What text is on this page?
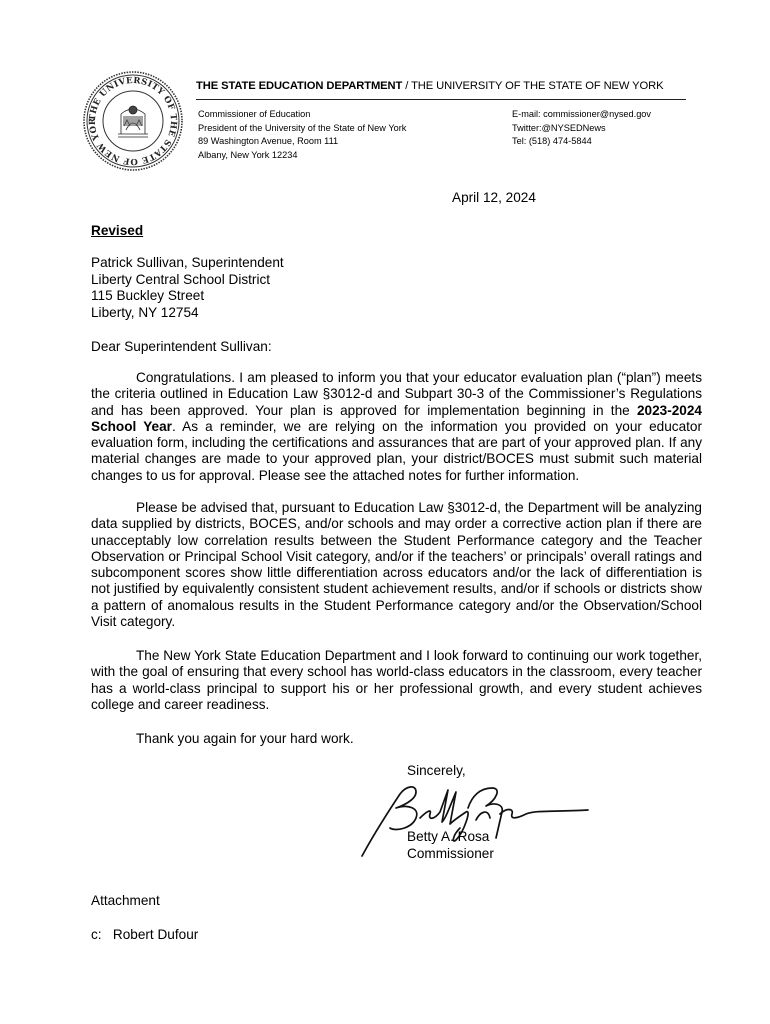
THE UNIVERSITY OF THE STATE OF NEW YOR
THE STATE EDUCATION DEPARTMENT / THE UNIVERSITY OF THE STATE OF NEW YORK
Commissioner of Education
President of the University of the State of New York
89 Washington Avenue, Room 111
Albany, New York 12234
E-mail: commissioner@nysed.gov
Twitter:@NYSEDNews
Tel: (518) 474-5844
April 12, 2024
Revised
Patrick Sullivan, Superintendent
Liberty Central School District
115 Buckley Street
Liberty, NY 12754
Dear Superintendent Sullivan:

Congratulations. I am pleased to inform you that your educator evaluation plan (“plan”) meets the criteria outlined in Education Law §3012-d and Subpart 30-3 of the Commissioner’s Regulations and has been approved. Your plan is approved for implementation beginning in the 2023-2024 School Year. As a reminder, we are relying on the information you provided on your educator evaluation form, including the certifications and assurances that are part of your approved plan. If any material changes are made to your approved plan, your district/BOCES must submit such material changes to us for approval. Please see the attached notes for further information.

Please be advised that, pursuant to Education Law §3012-d, the Department will be analyzing data supplied by districts, BOCES, and/or schools and may order a corrective action plan if there are unacceptably low correlation results between the Student Performance category and the Teacher Observation or Principal School Visit category, and/or if the teachers’ or principals’ overall ratings and subcomponent scores show little differentiation across educators and/or the lack of differentiation is not justified by equivalently consistent student achievement results, and/or if schools or districts show a pattern of anomalous results in the Student Performance category and/or the Observation/School Visit category.

The New York State Education Department and I look forward to continuing our work together, with the goal of ensuring that every school has world-class educators in the classroom, every teacher has a world-class principal to support his or her professional growth, and every student achieves college and career readiness.

Thank you again for your hard work.
Sincerely,
Betty A. Rosa
Commissioner
Attachment
c:   Robert Dufour
